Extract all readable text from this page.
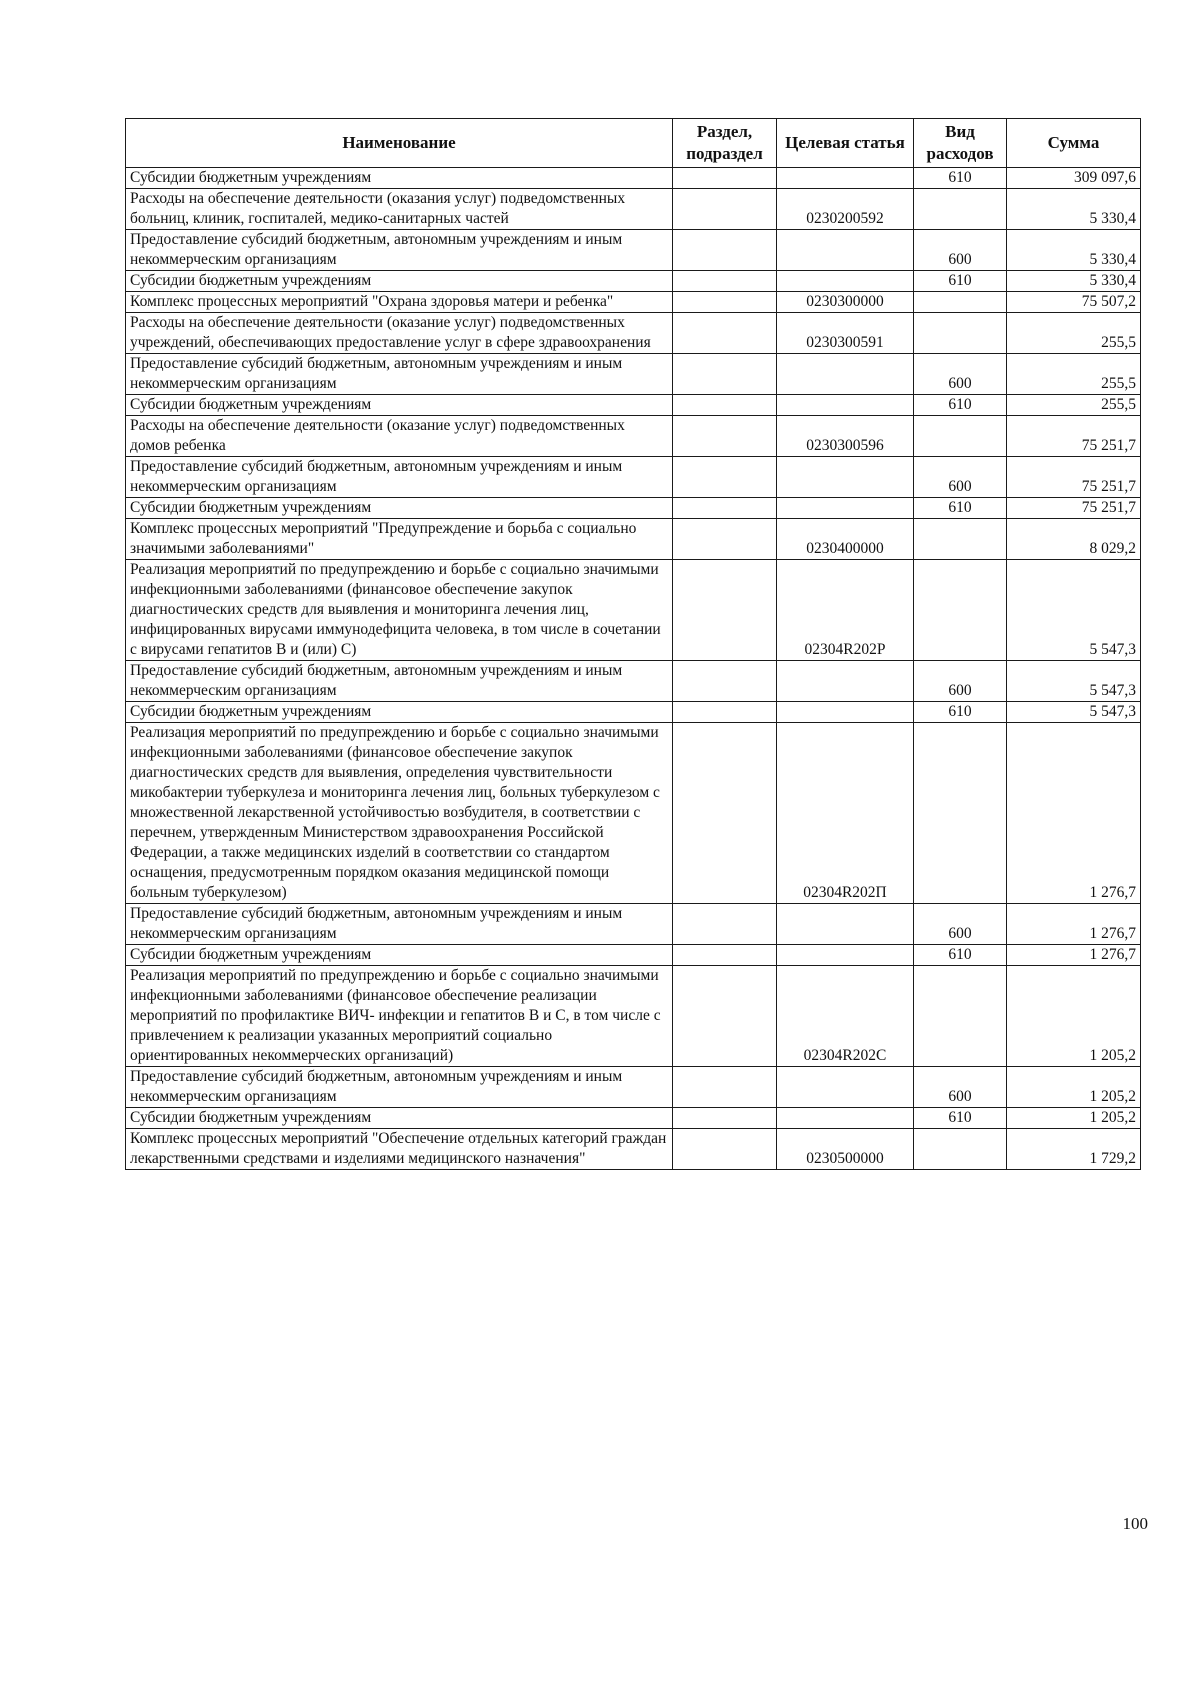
Наименование	Раздел, подраздел	Целевая статья	Вид расходов	Сумма
Субсидии бюджетным учреждениям			610	309 097,6
Расходы на обеспечение деятельности (оказания услуг) подведомственных больниц, клиник, госпиталей, медико-санитарных частей		0230200592		5 330,4
Предоставление субсидий бюджетным, автономным учреждениям и иным некоммерческим организациям			600	5 330,4
Субсидии бюджетным учреждениям			610	5 330,4
Комплекс процессных мероприятий "Охрана здоровья матери и ребенка"		0230300000		75 507,2
Расходы на обеспечение деятельности (оказание услуг) подведомственных учреждений, обеспечивающих предоставление услуг в сфере здравоохранения		0230300591		255,5
Предоставление субсидий бюджетным, автономным учреждениям и иным некоммерческим организациям			600	255,5
Субсидии бюджетным учреждениям			610	255,5
Расходы на обеспечение деятельности (оказание услуг) подведомственных домов ребенка		0230300596		75 251,7
Предоставление субсидий бюджетным, автономным учреждениям и иным некоммерческим организациям			600	75 251,7
Субсидии бюджетным учреждениям			610	75 251,7
Комплекс процессных мероприятий "Предупреждение и борьба с социально значимыми заболеваниями"		0230400000		8 029,2
Реализация мероприятий по предупреждению и борьбе с социально значимыми инфекционными заболеваниями (финансовое обеспечение закупок диагностических средств для выявления и мониторинга лечения лиц, инфицированных вирусами иммунодефицита человека, в том числе в сочетании с вирусами гепатитов В и (или) С)		02304R202P		5 547,3
Предоставление субсидий бюджетным, автономным учреждениям и иным некоммерческим организациям			600	5 547,3
Субсидии бюджетным учреждениям			610	5 547,3
Реализация мероприятий по предупреждению и борьбе с социально значимыми инфекционными заболеваниями (финансовое обеспечение закупок диагностических средств для выявления, определения чувствительности микобактерии туберкулеза и мониторинга лечения лиц, больных туберкулезом с множественной лекарственной устойчивостью возбудителя, в соответствии с перечнем, утвержденным Министерством здравоохранения Российской Федерации, а также медицинских изделий в соответствии со стандартом оснащения, предусмотренным порядком оказания медицинской помощи больным туберкулезом)		02304R202П		1 276,7
Предоставление субсидий бюджетным, автономным учреждениям и иным некоммерческим организациям			600	1 276,7
Субсидии бюджетным учреждениям			610	1 276,7
Реализация мероприятий по предупреждению и борьбе с социально значимыми инфекционными заболеваниями (финансовое обеспечение реализации мероприятий по профилактике ВИЧ- инфекции и гепатитов В и С, в том числе с привлечением к реализации указанных мероприятий социально ориентированных некоммерческих организаций)		02304R202С		1 205,2
Предоставление субсидий бюджетным, автономным учреждениям и иным некоммерческим организациям			600	1 205,2
Субсидии бюджетным учреждениям			610	1 205,2
Комплекс процессных мероприятий "Обеспечение отдельных категорий граждан лекарственными средствами и изделиями медицинского назначения"		0230500000		1 729,2
100
